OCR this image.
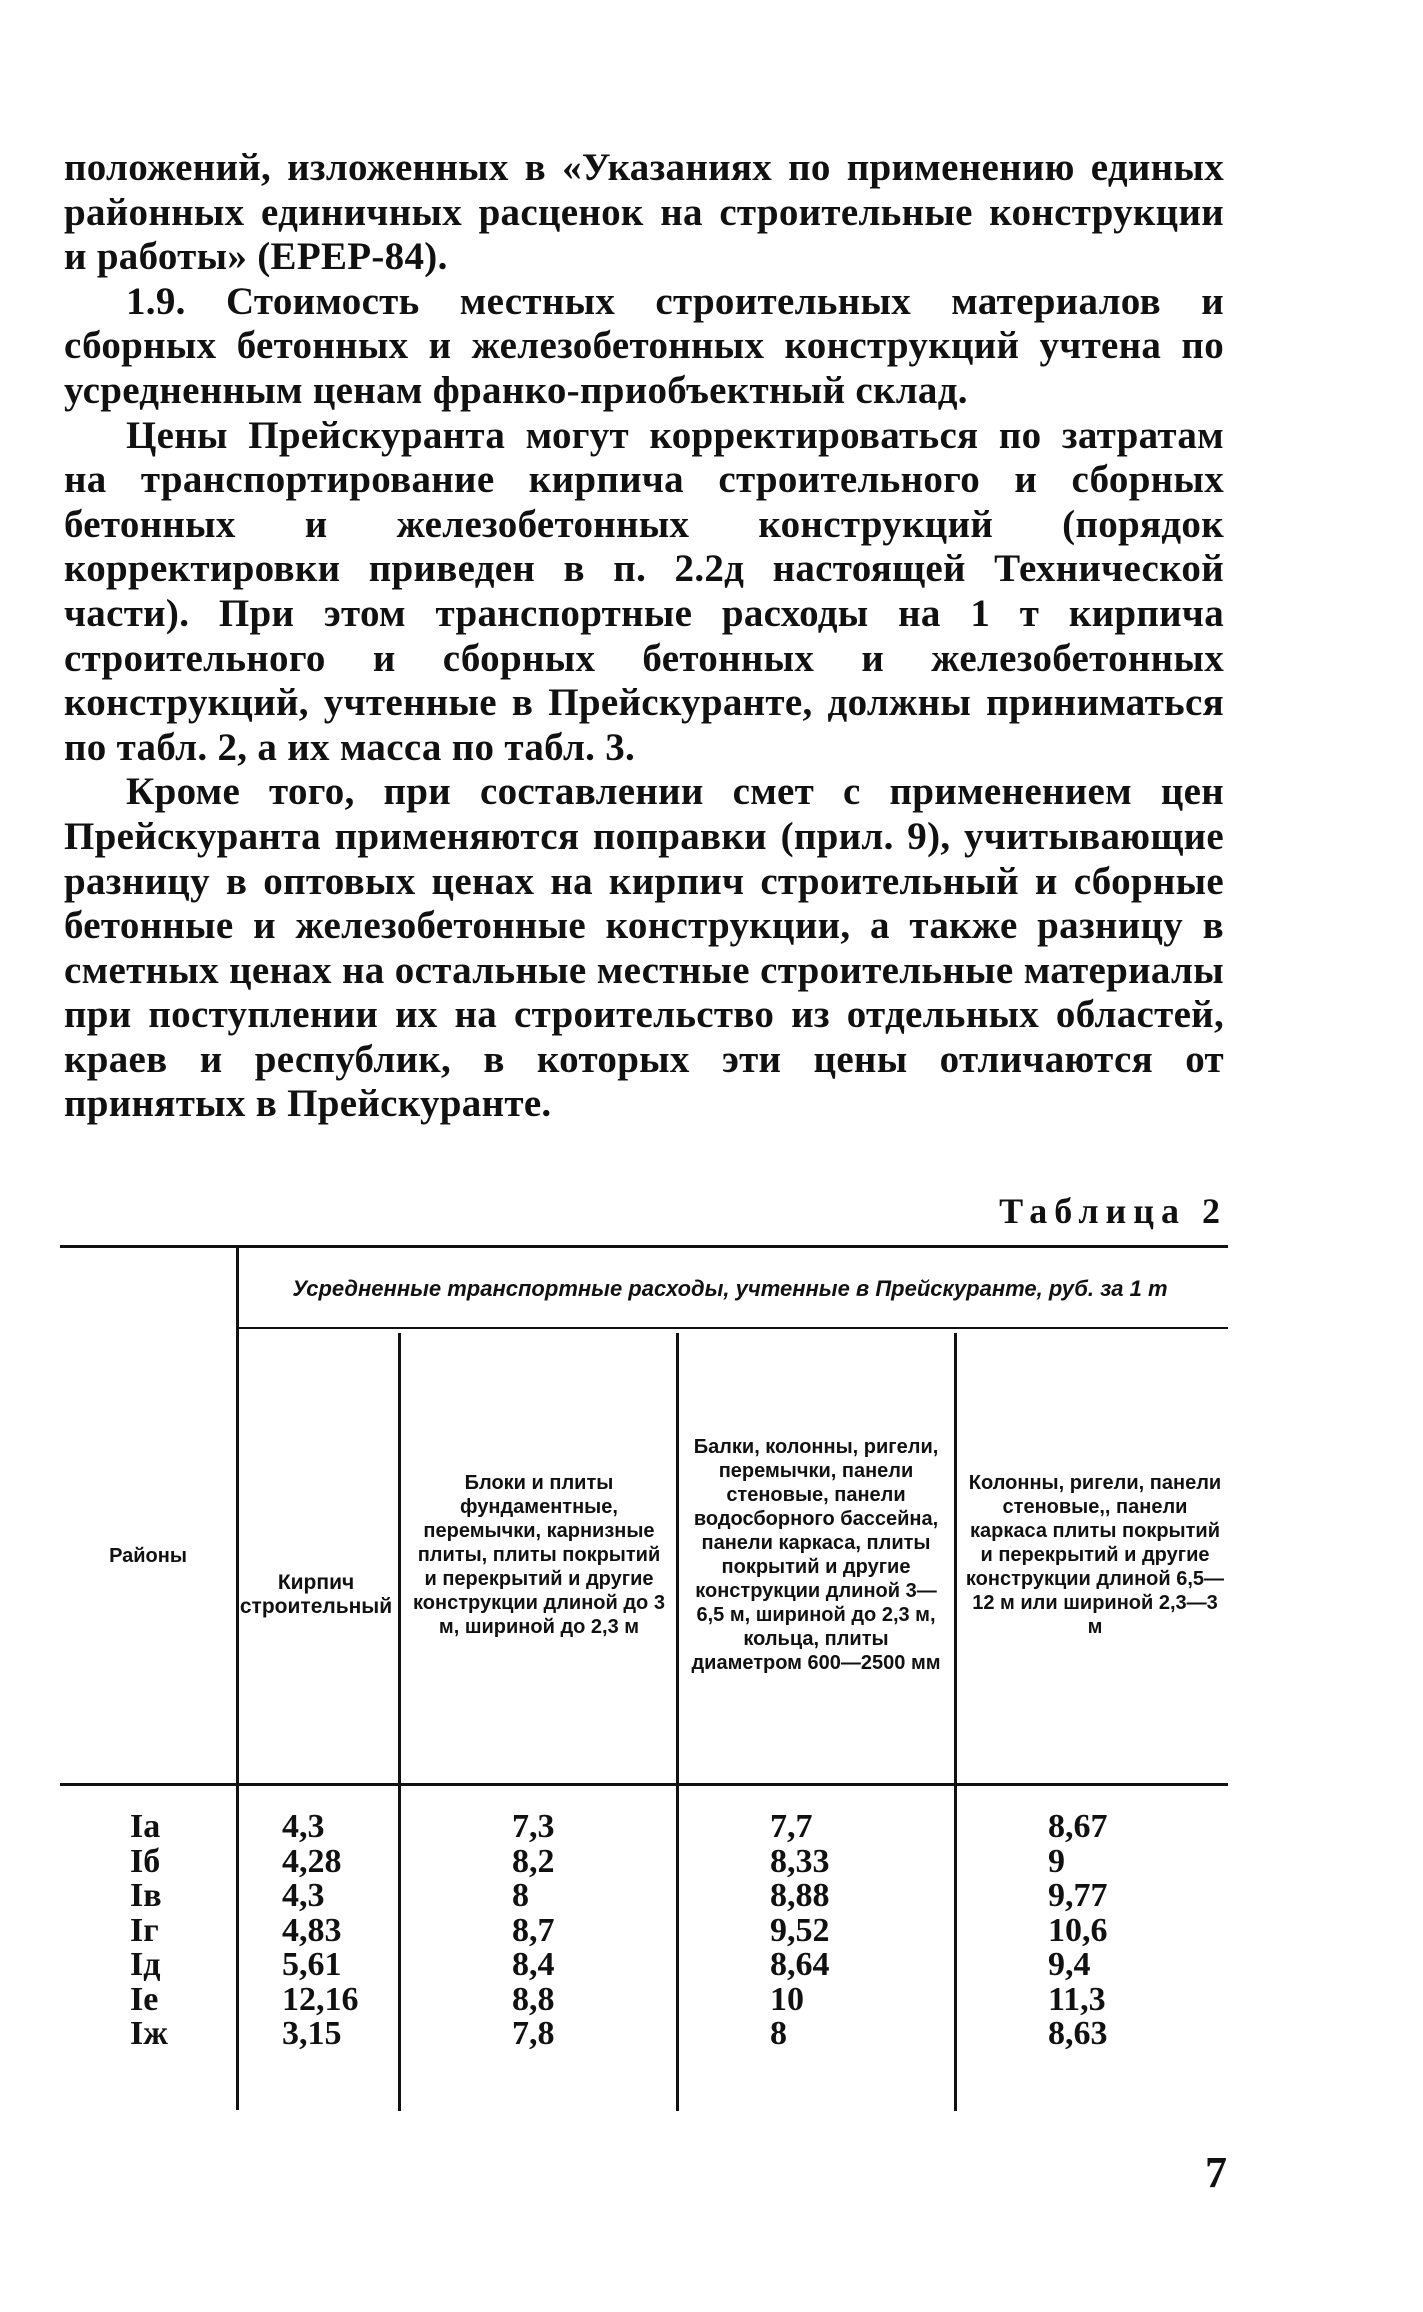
положений, изложенных в «Указаниях по применению единых районных единичных расценок на строительные конструкции и работы» (ЕРЕР-84).

1.9. Стоимость местных строительных материалов и сборных бетонных и железобетонных конструкций учтена по усредненным ценам франко-приобъектный склад.

Цены Прейскуранта могут корректироваться по затратам на транспортирование кирпича строительного и сборных бетонных и железобетонных конструкций (порядок корректировки приведен в п. 2.2д настоящей Технической части). При этом транспортные расходы на 1 т кирпича строительного и сборных бетонных и железобетонных конструкций, учтенные в Прейскуранте, должны приниматься по табл. 2, а их масса по табл. 3.

Кроме того, при составлении смет с применением цен Прейскуранта применяются поправки (прил. 9), учитывающие разницу в оптовых ценах на кирпич строительный и сборные бетонные и железобетонные конструкции, а также разницу в сметных ценах на остальные местные строительные материалы при поступлении их на строительство из отдельных областей, краев и республик, в которых эти цены отличаются от принятых в Прейскуранте.

Таблица 2
Районы
Усредненные транспортные расходы, учтенные в Прейскуранте, руб. за 1 т
Кирпич строительный
Блоки и плиты фундаментные, перемычки, карнизные плиты, плиты покрытий и перекрытий и другие конструкции длиной до 3 м, шириной до 2,3 м
Балки, колонны, ригели, перемычки, панели стеновые, панели водосборного бассейна, панели каркаса, плиты покрытий и другие конструкции длиной 3—6,5 м, шириной до 2,3 м, кольца, плиты диаметром 600—2500 мм
Колонны, ригели, панели стеновые,, панели каркаса плиты покрытий и перекрытий и другие конструкции длиной 6,5—12 м или шириной 2,3—3 м
Iа
Iб
Iв
Iг
Iд
Iе
Iж
4,3
4,28
4,3
4,83
5,61
12,16
3,15
7,3
8,2
8
8,7
8,4
8,8
7,8
7,7
8,33
8,88
9,52
8,64
10
8
8,67
9
9,77
10,6
9,4
11,3
8,63
7
